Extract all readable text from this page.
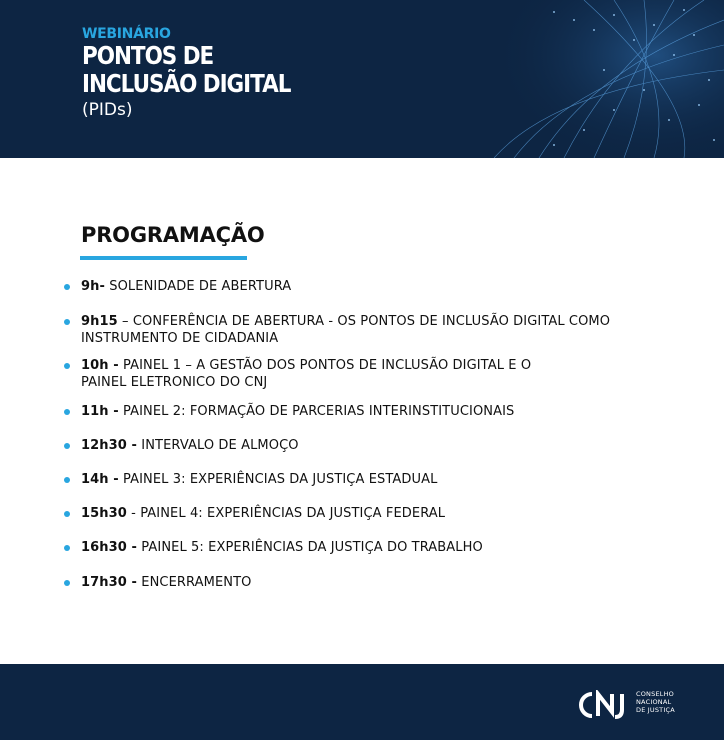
WEBINÁRIO
PONTOS DE
INCLUSÃO DIGITAL
(PIDs)
PROGRAMAÇÃO
9h- SOLENIDADE DE ABERTURA
9h15 – CONFERÊNCIA DE ABERTURA - OS PONTOS DE INCLUSÃO DIGITAL COMO
INSTRUMENTO DE CIDADANIA
10h - PAINEL 1 – A GESTÃO DOS PONTOS DE INCLUSÃO DIGITAL E O
PAINEL ELETRONICO DO CNJ
11h - PAINEL 2: FORMAÇÃO DE PARCERIAS INTERINSTITUCIONAIS
12h30 - INTERVALO DE ALMOÇO
14h - PAINEL 3: EXPERIÊNCIAS DA JUSTIÇA ESTADUAL
15h30 - PAINEL 4: EXPERIÊNCIAS DA JUSTIÇA FEDERAL
16h30 - PAINEL 5: EXPERIÊNCIAS DA JUSTIÇA DO TRABALHO
17h30 - ENCERRAMENTO
CONSELHO
NACIONAL
DE JUSTIÇA
